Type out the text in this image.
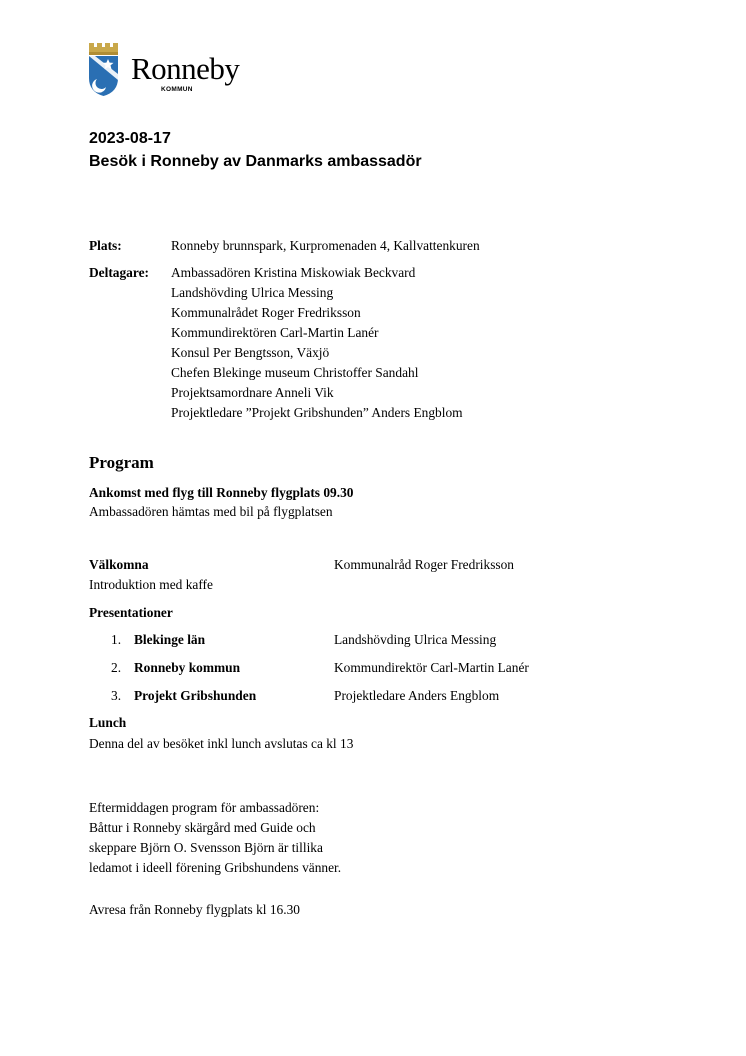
Ronneby
KOMMUN
2023-08-17
Besök i Ronneby av Danmarks ambassadör
Plats:	Ronneby brunnspark, Kurpromenaden 4, Kallvattenkuren
Deltagare: Ambassadören Kristina Miskowiak Beckvard
Landshövding Ulrica Messing
Kommunalrådet Roger Fredriksson
Kommundirektören Carl-Martin Lanér
Konsul Per Bengtsson, Växjö
Chefen Blekinge museum Christoffer Sandahl
Projektsamordnare Anneli Vik
Projektledare ”Projekt Gribshunden” Anders Engblom
Program
Ankomst med flyg till Ronneby flygplats 09.30
Ambassadören hämtas med bil på flygplatsen
Välkomna	Kommunalråd Roger Fredriksson
Introduktion med kaffe
Presentationer
1. Blekinge län	Landshövding Ulrica Messing
2. Ronneby kommun	Kommundirektör Carl-Martin Lanér
3. Projekt Gribshunden	Projektledare Anders Engblom
Lunch
Denna del av besöket inkl lunch avslutas ca kl 13
Eftermiddagen program för ambassadören:
Båttur i Ronneby skärgård med Guide och
skeppare Björn O. Svensson Björn är tillika
ledamot i ideell förening Gribshundens vänner.
Avresa från Ronneby flygplats kl 16.30
